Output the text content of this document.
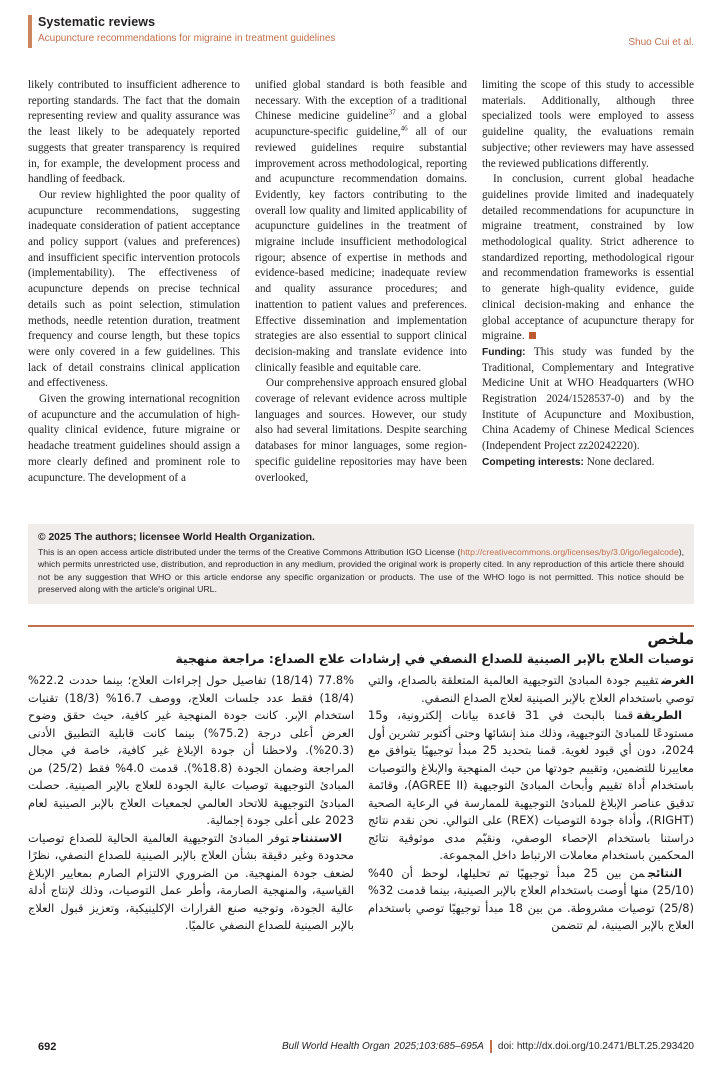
Systematic reviews
Acupuncture recommendations for migraine in treatment guidelines	Shuo Cui et al.

likely contributed to insufficient adherence to reporting standards. The fact that the domain representing review and quality assurance was the least likely to be adequately reported suggests that greater transparency is required in, for example, the development process and handling of feedback.

Our review highlighted the poor quality of acupuncture recommendations, suggesting inadequate consideration of patient acceptance and policy support (values and preferences) and insufficient specific intervention protocols (implementability). The effectiveness of acupuncture depends on precise technical details such as point selection, stimulation methods, needle retention duration, treatment frequency and course length, but these topics were only covered in a few guidelines. This lack of detail constrains clinical application and effectiveness.

Given the growing international recognition of acupuncture and the accumulation of high-quality clinical evidence, future migraine or headache treatment guidelines should assign a more clearly defined and prominent role to acupuncture. The development of a

unified global standard is both feasible and necessary. With the exception of a traditional Chinese medicine guideline$^{37}$ and a global acupuncture-specific guideline,$^{46}$ all of our reviewed guidelines require substantial improvement across methodological, reporting and acupuncture recommendation domains. Evidently, key factors contributing to the overall low quality and limited applicability of acupuncture guidelines in the treatment of migraine include insufficient methodological rigour; absence of expertise in methods and evidence-based medicine; inadequate review and quality assurance procedures; and inattention to patient values and preferences. Effective dissemination and implementation strategies are also essential to support clinical decision-making and translate evidence into clinically feasible and equitable care.

Our comprehensive approach ensured global coverage of relevant evidence across multiple languages and sources. However, our study also had several limitations. Despite searching databases for minor languages, some region-specific guideline repositories may have been overlooked,

limiting the scope of this study to accessible materials. Additionally, although three specialized tools were employed to assess guideline quality, the evaluations remain subjective; other reviewers may have assessed the reviewed publications differently.

In conclusion, current global headache guidelines provide limited and inadequately detailed recommendations for acupuncture in migraine treatment, constrained by low methodological quality. Strict adherence to standardized reporting, methodological rigour and recommendation frameworks is essential to generate high-quality evidence, guide clinical decision-making and enhance the global acceptance of acupuncture therapy for migraine.

Funding: This study was funded by the Traditional, Complementary and Integrative Medicine Unit at WHO Headquarters (WHO Registration 2024/1528537-0) and by the Institute of Acupuncture and Moxibustion, China Academy of Chinese Medical Sciences (Independent Project zz20242220).

Competing interests: None declared.

© 2025 The authors; licensee World Health Organization.

This is an open access article distributed under the terms of the Creative Commons Attribution IGO License (http://creativecommons.org/licenses/by/3.0/igo/legalcode), which permits unrestricted use, distribution, and reproduction in any medium, provided the original work is properly cited. In any reproduction of this article there should not be any suggestion that WHO or this article endorse any specific organization or products. The use of the WHO logo is not permitted. This notice should be preserved along with the article's original URL.

ملخص
توصيات العلاج بالإبر الصينية للصداع النصفي في إرشادات علاج الصداع: مراجعة منهجية

الغرضتقييم جودة المبادئ التوجيهية العالمية المتعلقة بالصداع، والتي توصي باستخدام العلاج بالإبر الصينية لعلاج الصداع النصفي.

الطريقةقمنا بالبحث في 31 قاعدة بيانات إلكترونية، و15 مستودعًا للمبادئ التوجيهية، وذلك منذ إنشائها وحتى أكتوبر تشرين أول 2024، دون أي قيود لغوية. قمنا بتحديد 25 مبدأ توجيهيًا يتوافق مع معاييرنا للتضمين، وتقييم جودتها من حيث المنهجية والإبلاغ والتوصيات باستخدام أداة تقييم وأبحاث المبادئ التوجيهية (AGREE II)، وقائمة تدقيق عناصر الإبلاغ للمبادئ التوجيهية للممارسة في الرعاية الصحية (RIGHT)، وأداة جودة التوصيات (REX) على التوالي. نحن نقدم نتائج دراستنا باستخدام الإحصاء الوصفي، ونقيّم مدى موثوقية نتائج المحكمين باستخدام معاملات الارتباط داخل المجموعة.

النتائجمن بين 25 مبدأ توجيهيًا تم تحليلها، لوحظ أن 40% (25/10) منها أوصت باستخدام العلاج بالإبر الصينية، بينما قدمت 32% (25/8) توصيات مشروطة. من بين 18 مبدأ توجيهيًا توصي باستخدام العلاج بالإبر الصينية، لم تتضمن

77.8% (18/14) تفاصيل حول إجراءات العلاج؛ بينما حددت 22.2% (18/4) فقط عدد جلسات العلاج، ووصف 16.7% (18/3) تقنيات استخدام الإبر. كانت جودة المنهجية غير كافية، حيث حقق وضوح العرض أعلى درجة (75.2%) بينما كانت قابلية التطبيق الأدنى (20.3%). ولاحظنا أن جودة الإبلاغ غير كافية، خاصة في مجال المراجعة وضمان الجودة (18.8%). قدمت 4.0% فقط (25/2) من المبادئ التوجيهية توصيات عالية الجودة للعلاج بالإبر الصينية. حصلت المبادئ التوجيهية للاتحاد العالمي لجمعيات العلاج بالإبر الصينية لعام 2023 على أعلى جودة إجمالية.

الاستنتاجتوفر المبادئ التوجيهية العالمية الحالية للصداع توصيات محدودة وغير دقيقة بشأن العلاج بالإبر الصينية للصداع النصفي، نظرًا لضعف جودة المنهجية. من الضروري الالتزام الصارم بمعايير الإبلاغ القياسية، والمنهجية الصارمة، وأطر عمل التوصيات، وذلك لإنتاج أدلة عالية الجودة، وتوجيه صنع القرارات الإكلينيكية، وتعزيز قبول العلاج بالإبر الصينية للصداع النصفي عالميًا.

692	Bull World Health Organ 2025;103:685–695A doi: http://dx.doi.org/10.2471/BLT.25.293420
